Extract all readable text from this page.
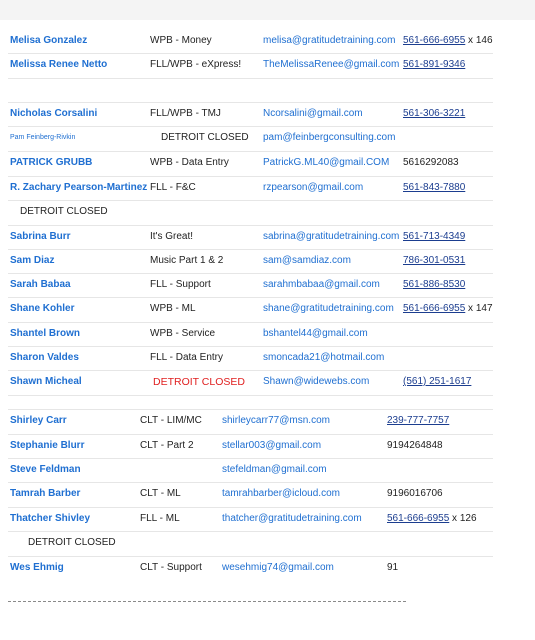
Melisa Gonzalez	WPB - Money	melisa@gratitudetraining.com 561-666-6955 x 146
Melissa Renee Netto	FLL/WPB - eXpress! TheMelissaRenee@gmail.com 561-891-9346
Nicholas Corsalini	FLL/WPB - TMJ	Ncorsalini@gmail.com	561-306-3221
Pam Feinberg-Rivkin	DETROIT CLOSED pam@feinbergconsulting.com
PATRICK GRUBB	WPB - Data Entry	PatrickG.ML40@gmail.COM 5616292083
R. Zachary Pearson-Martinez FLL - F&C	rzpearson@gmail.com	561-843-7880
DETROIT CLOSED
Sabrina Burr	It's Great!	sabrina@gratitudetraining.com 561-713-4349
Sam Diaz	Music Part 1 & 2	sam@samdiaz.com	786-301-0531
Sarah Babaa	FLL - Support	sarahmbabaa@gmail.com 561-886-8530
Shane Kohler	WPB - ML	shane@gratitudetraining.com 561-666-6955 x 147
Shantel Brown	WPB - Service	bshantel44@gmail.com
Sharon Valdes	FLL - Data Entry	smoncada21@hotmail.com
Shawn Micheal	DETROIT CLOSED Shawn@widewebs.com	(561) 251-1617
Shirley Carr	CLT - LIM/MC shirleycarr77@msn.com	239-777-7757
Stephanie Blurr	CLT - Part 2	stellar003@gmail.com	9194264848
Steve Feldman	stefeldman@gmail.com
Tamrah Barber	CLT - ML	tamrahbarber@icloud.com	9196016706
Thatcher Shivley	FLL - ML	thatcher@gratitudetraining.com	561-666-6955 x 126
DETROIT CLOSED
Wes Ehmig	CLT - Support wesehmig74@gmail.com	91
